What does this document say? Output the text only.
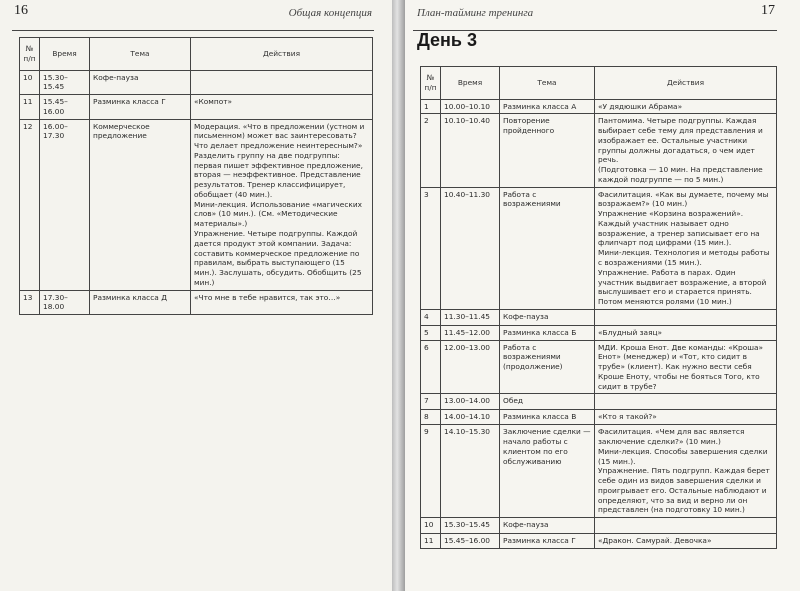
16	Общая концепция
№ п/п	Время	Тема	Действия
10	15.30–15.45	Кофе-пауза	
11	15.45–16.00	Разминка класса Г	«Компот»
12	16.00–17.30	Коммерческое предложение	Модерация. «Что в предложении (устном и письменном) может вас заинтересовать? Что делает предложение неинтересным?»
Разделить группу на две подгруппы: первая пишет эффективное предложение, вторая — неэффективное. Представление результатов. Тренер классифицирует, обобщает (40 мин.).
Мини-лекция. Использование «магических слов» (10 мин.). (См. «Методические материалы».)
Упражнение. Четыре подгруппы. Каждой дается продукт этой компании. Задача: составить коммерческое предложение по правилам, выбрать выступающего (15 мин.). Заслушать, обсудить. Обобщить (25 мин.)
13	17.30–18.00	Разминка класса Д	«Что мне в тебе нравится, так это…»
План-тайминг тренинга	17
День 3
№ п/п	Время	Тема	Действия
1	10.00–10.10	Разминка класса А	«У дядюшки Абрама»
2	10.10–10.40	Повторение пройденного	Пантомима. Четыре подгруппы. Каждая выбирает себе тему для представления и изображает ее. Остальные участники группы должны догадаться, о чем идет речь.
(Подготовка — 10 мин. На представление каждой подгруппе — по 5 мин.)
3	10.40–11.30	Работа с возражениями	Фасилитация. «Как вы думаете, почему мы возражаем?» (10 мин.)
Упражнение «Корзина возражений». Каждый участник называет одно возражение, а тренер записывает его на флипчарт под цифрами (15 мин.).
Мини-лекция. Технология и методы работы с возражениями (15 мин.).
Упражнение. Работа в парах. Один участник выдвигает возражение, а второй выслушивает его и старается принять. Потом меняются ролями (10 мин.)
4	11.30–11.45	Кофе-пауза	
5	11.45–12.00	Разминка класса Б	«Блудный заяц»
6	12.00–13.00	Работа с возражениями (продолжение)	МДИ. Кроша Енот. Две команды: «Кроша» Енот» (менеджер) и «Тот, кто сидит в трубе» (клиент). Как нужно вести себя Кроше Еноту, чтобы не бояться Того, кто сидит в трубе?
7	13.00–14.00	Обед	
8	14.00–14.10	Разминка класса В	«Кто я такой?»
9	14.10–15.30	Заключение сделки — начало работы с клиентом по его обслуживанию	Фасилитация. «Чем для вас является заключение сделки?» (10 мин.)
Мини-лекция. Способы завершения сделки (15 мин.).
Упражнение. Пять подгрупп. Каждая берет себе один из видов завершения сделки и проигрывает его. Остальные наблюдают и определяют, что за вид и верно ли он представлен (на подготовку 10 мин.)
10	15.30–15.45	Кофе-пауза	
11	15.45–16.00	Разминка класса Г	«Дракон. Самурай. Девочка»
